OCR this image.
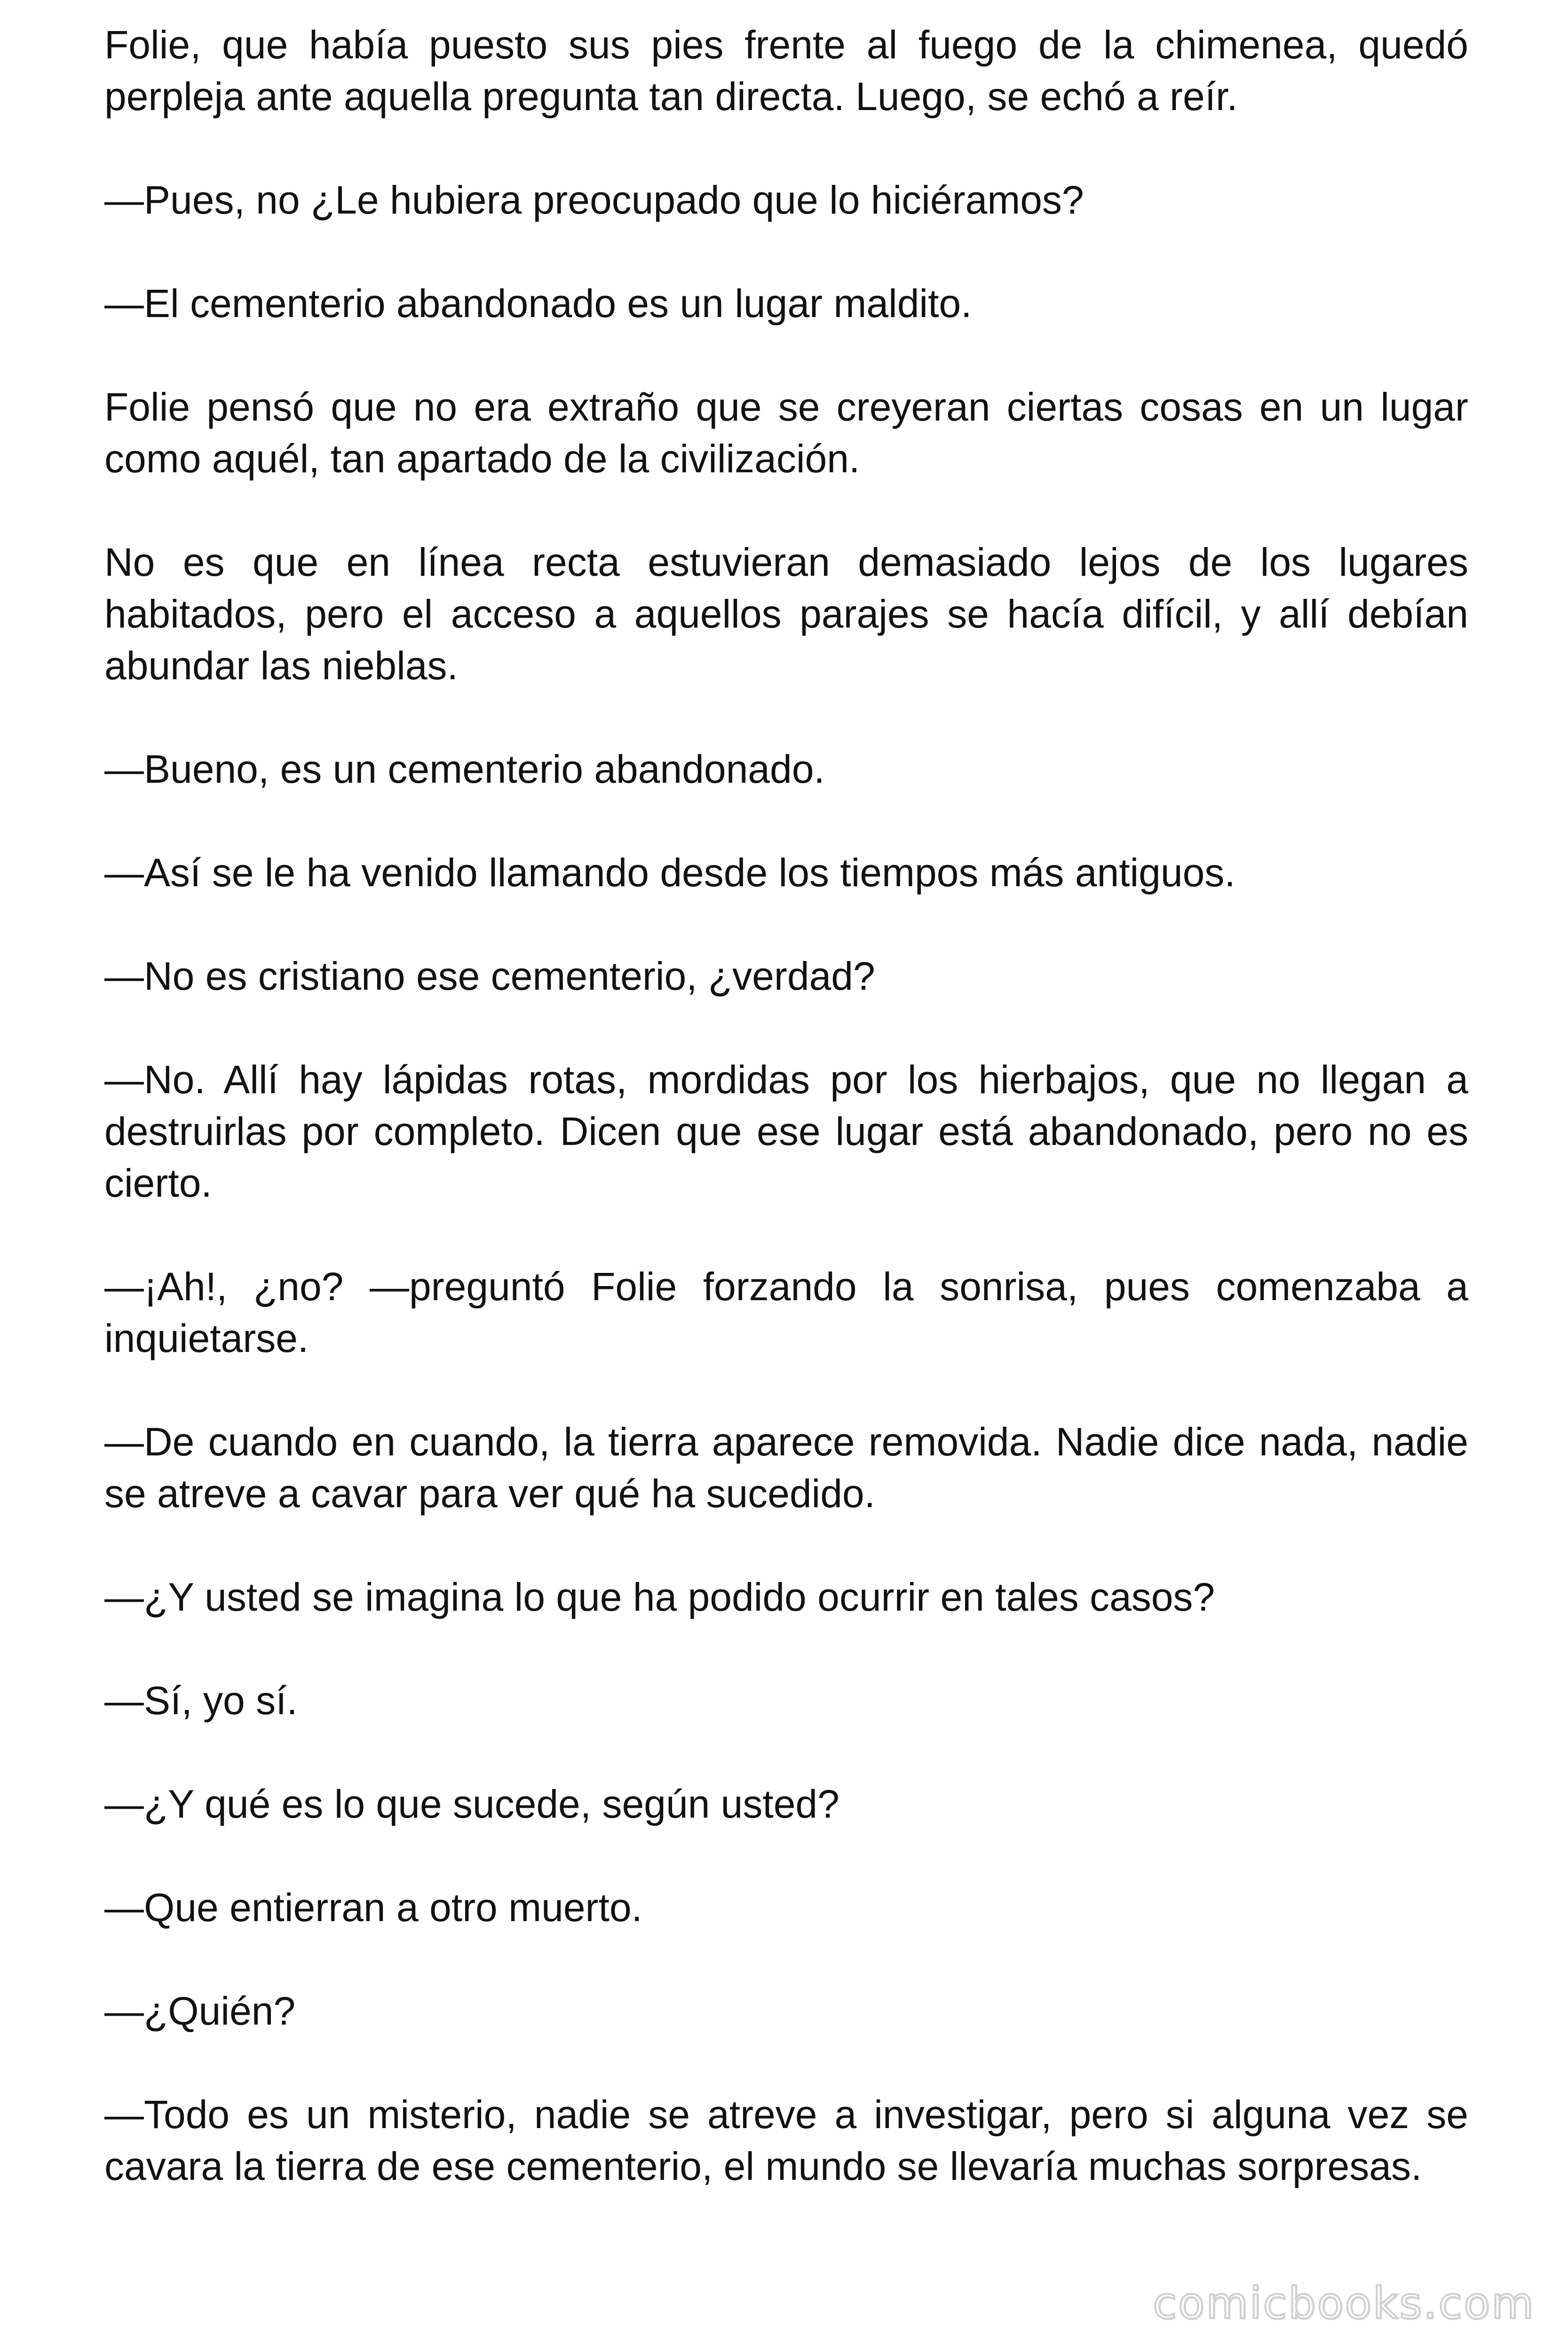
Folie, que había puesto sus pies frente al fuego de la chimenea, quedó perpleja ante aquella pregunta tan directa. Luego, se echó a reír.

—Pues, no ¿Le hubiera preocupado que lo hiciéramos?

—El cementerio abandonado es un lugar maldito.

Folie pensó que no era extraño que se creyeran ciertas cosas en un lugar como aquél, tan apartado de la civilización.

No es que en línea recta estuvieran demasiado lejos de los lugares habitados, pero el acceso a aquellos parajes se hacía difícil, y allí debían abundar las nieblas.

—Bueno, es un cementerio abandonado.

—Así se le ha venido llamando desde los tiempos más antiguos.

—No es cristiano ese cementerio, ¿verdad?

—No. Allí hay lápidas rotas, mordidas por los hierbajos, que no llegan a destruirlas por completo. Dicen que ese lugar está abandonado, pero no es cierto.

—¡Ah!, ¿no? —preguntó Folie forzando la sonrisa, pues comenzaba a inquietarse.

—De cuando en cuando, la tierra aparece removida. Nadie dice nada, nadie se atreve a cavar para ver qué ha sucedido.

—¿Y usted se imagina lo que ha podido ocurrir en tales casos?

—Sí, yo sí.

—¿Y qué es lo que sucede, según usted?

—Que entierran a otro muerto.

—¿Quién?

—Todo es un misterio, nadie se atreve a investigar, pero si alguna vez se cavara la tierra de ese cementerio, el mundo se llevaría muchas sorpresas.

comicbooks.com
